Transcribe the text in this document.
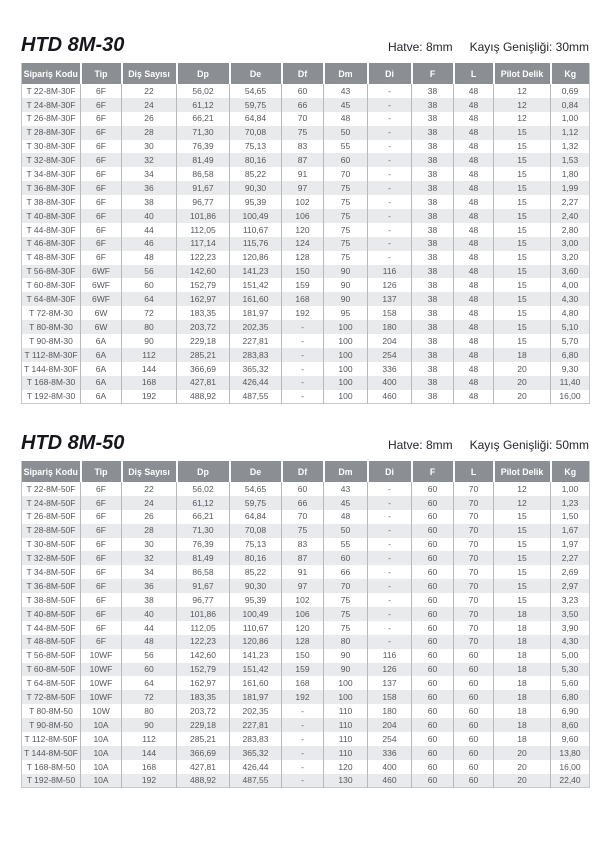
HTD 8M-30	Hatve: 8mm Kayış Genişliği: 30mm
Sipariş Kodu	Tip	Diş Sayısı	Dp	De	Df	Dm	Di	F	L	Pilot Delik	Kg
T 22-8M-30F	6F	22	56,02	54,65	60	43	-	38	48	12	0,69
T 24-8M-30F	6F	24	61,12	59,75	66	45	-	38	48	12	0,84
T 26-8M-30F	6F	26	66,21	64,84	70	48	-	38	48	12	1,00
T 28-8M-30F	6F	28	71,30	70,08	75	50	-	38	48	15	1,12
T 30-8M-30F	6F	30	76,39	75,13	83	55	-	38	48	15	1,32
T 32-8M-30F	6F	32	81,49	80,16	87	60	-	38	48	15	1,53
T 34-8M-30F	6F	34	86,58	85,22	91	70	-	38	48	15	1,80
T 36-8M-30F	6F	36	91,67	90,30	97	75	-	38	48	15	1,99
T 38-8M-30F	6F	38	96,77	95,39	102	75	-	38	48	15	2,27
T 40-8M-30F	6F	40	101,86	100,49	106	75	-	38	48	15	2,40
T 44-8M-30F	6F	44	112,05	110,67	120	75	-	38	48	15	2,80
T 46-8M-30F	6F	46	117,14	115,76	124	75	-	38	48	15	3,00
T 48-8M-30F	6F	48	122,23	120,86	128	75	-	38	48	15	3,20
T 56-8M-30F	6WF	56	142,60	141,23	150	90	116	38	48	15	3,60
T 60-8M-30F	6WF	60	152,79	151,42	159	90	126	38	48	15	4,00
T 64-8M-30F	6WF	64	162,97	161,60	168	90	137	38	48	15	4,30
T 72-8M-30	6W	72	183,35	181,97	192	95	158	38	48	15	4,80
T 80-8M-30	6W	80	203,72	202,35	-	100	180	38	48	15	5,10
T 90-8M-30	6A	90	229,18	227,81	-	100	204	38	48	15	5,70
T 112-8M-30F	6A	112	285,21	283,83	-	100	254	38	48	18	6,80
T 144-8M-30F	6A	144	366,69	365,32	-	100	336	38	48	20	9,30
T 168-8M-30	6A	168	427,81	426,44	-	100	400	38	48	20	11,40
T 192-8M-30	6A	192	488,92	487,55	-	100	460	38	48	20	16,00
HTD 8M-50	Hatve: 8mm Kayış Genişliği: 50mm
Sipariş Kodu	Tip	Diş Sayısı	Dp	De	Df	Dm	Di	F	L	Pilot Delik	Kg
T 22-8M-50F	6F	22	56,02	54,65	60	43	-	60	70	12	1,00
T 24-8M-50F	6F	24	61,12	59,75	66	45	-	60	70	12	1,23
T 26-8M-50F	6F	26	66,21	64,84	70	48	-	60	70	15	1,50
T 28-8M-50F	6F	28	71,30	70,08	75	50	-	60	70	15	1,67
T 30-8M-50F	6F	30	76,39	75,13	83	55	-	60	70	15	1,97
T 32-8M-50F	6F	32	81,49	80,16	87	60	-	60	70	15	2,27
T 34-8M-50F	6F	34	86,58	85,22	91	66	-	60	70	15	2,69
T 36-8M-50F	6F	36	91,67	90,30	97	70	-	60	70	15	2,97
T 38-8M-50F	6F	38	96,77	95,39	102	75	-	60	70	15	3,23
T 40-8M-50F	6F	40	101,86	100,49	106	75	-	60	70	18	3,50
T 44-8M-50F	6F	44	112,05	110,67	120	75	-	60	70	18	3,90
T 48-8M-50F	6F	48	122,23	120,86	128	80	-	60	70	18	4,30
T 56-8M-50F	10WF	56	142,60	141,23	150	90	116	60	60	18	5,00
T 60-8M-50F	10WF	60	152,79	151,42	159	90	126	60	60	18	5,30
T 64-8M-50F	10WF	64	162,97	161,60	168	100	137	60	60	18	5,60
T 72-8M-50F	10WF	72	183,35	181,97	192	100	158	60	60	18	6,80
T 80-8M-50	10W	80	203,72	202,35	-	110	180	60	60	18	6,90
T 90-8M-50	10A	90	229,18	227,81	-	110	204	60	60	18	8,60
T 112-8M-50F	10A	112	285,21	283,83	-	110	254	60	60	18	9,60
T 144-8M-50F	10A	144	366,69	365,32	-	110	336	60	60	20	13,80
T 168-8M-50	10A	168	427,81	426,44	-	120	400	60	60	20	16,00
T 192-8M-50	10A	192	488,92	487,55	-	130	460	60	60	20	22,40
